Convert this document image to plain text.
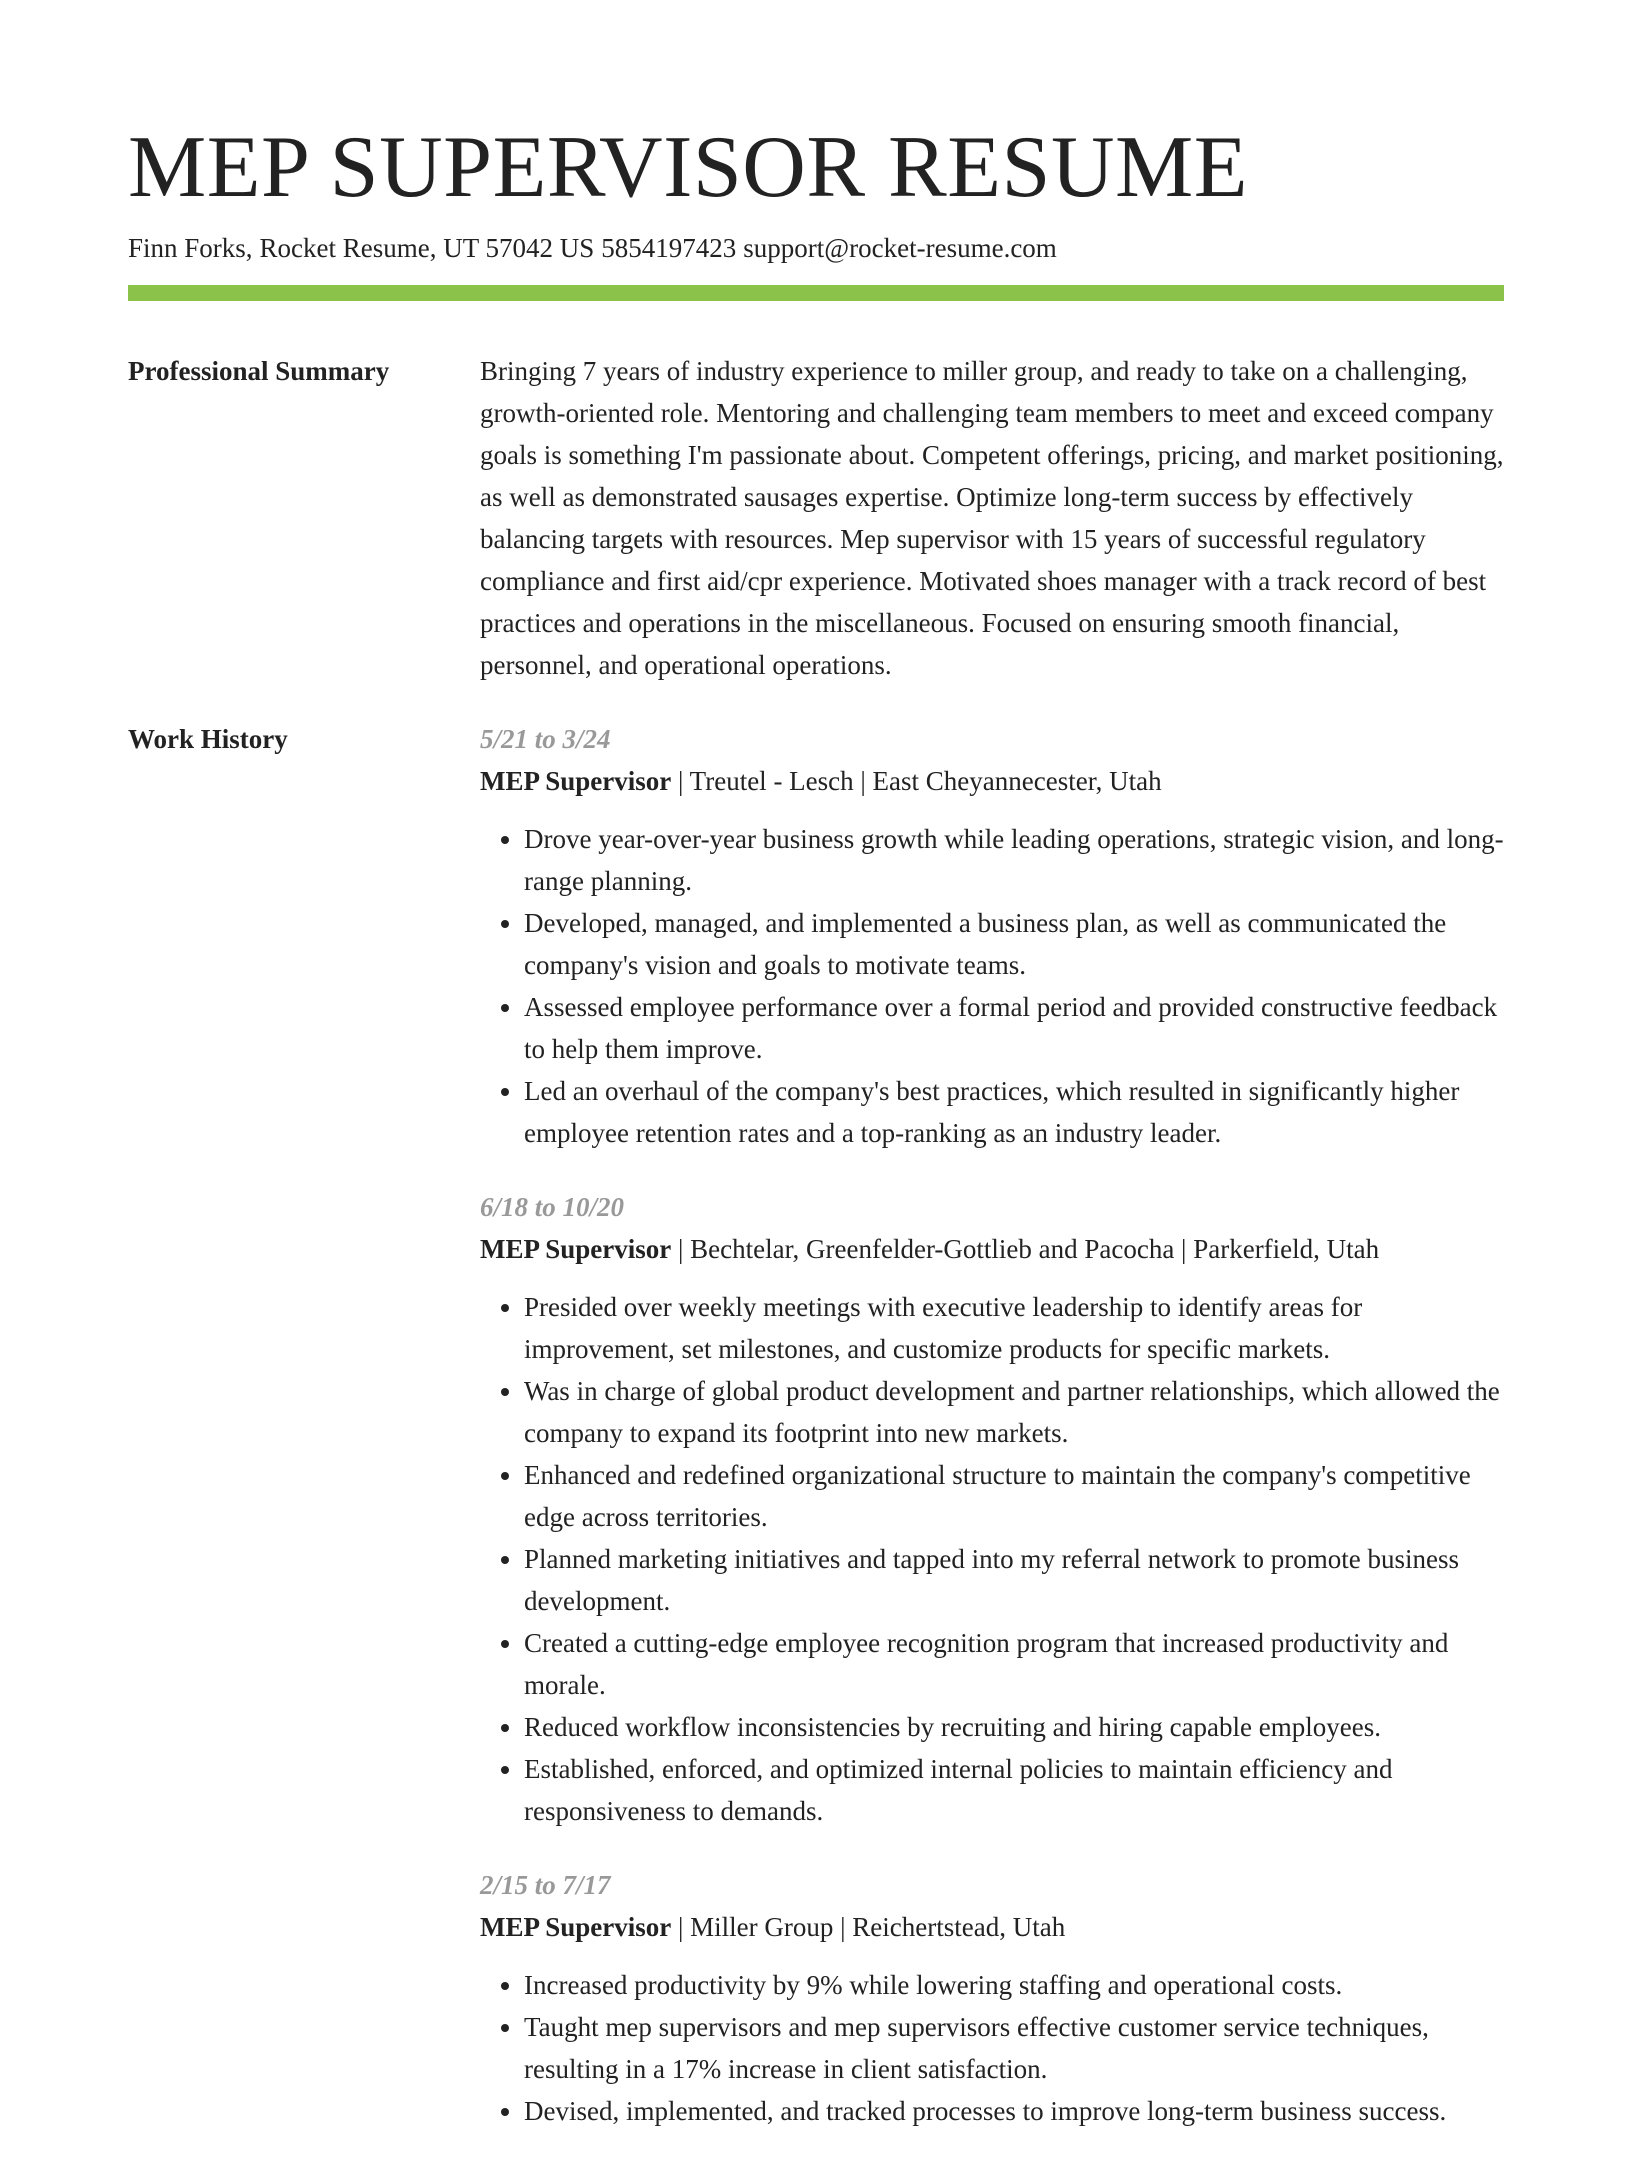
MEP SUPERVISOR RESUME
Finn Forks, Rocket Resume, UT 57042 US 5854197423 support@rocket-resume.com
Professional Summary	Bringing 7 years of industry experience to miller group, and ready to take on a challenging, growth-oriented role. Mentoring and challenging team members to meet and exceed company goals is something I'm passionate about. Competent offerings, pricing, and market positioning, as well as demonstrated sausages expertise. Optimize long-term success by effectively balancing targets with resources. Mep supervisor with 15 years of successful regulatory compliance and first aid/cpr experience. Motivated shoes manager with a track record of best practices and operations in the miscellaneous. Focused on ensuring smooth financial, personnel, and operational operations.

Work History	5/21 to 3/24

MEP Supervisor | Treutel - Lesch | East Cheyannecester, Utah

• Drove year-over-year business growth while leading operations, strategic vision, and long-range planning.
• Developed, managed, and implemented a business plan, as well as communicated the company's vision and goals to motivate teams.
• Assessed employee performance over a formal period and provided constructive feedback to help them improve.
• Led an overhaul of the company's best practices, which resulted in significantly higher employee retention rates and a top-ranking as an industry leader.

6/18 to 10/20

MEP Supervisor | Bechtelar, Greenfelder-Gottlieb and Pacocha | Parkerfield, Utah

• Presided over weekly meetings with executive leadership to identify areas for improvement, set milestones, and customize products for specific markets.
• Was in charge of global product development and partner relationships, which allowed the company to expand its footprint into new markets.
• Enhanced and redefined organizational structure to maintain the company's competitive edge across territories.
• Planned marketing initiatives and tapped into my referral network to promote business development.
• Created a cutting-edge employee recognition program that increased productivity and morale.
• Reduced workflow inconsistencies by recruiting and hiring capable employees.
• Established, enforced, and optimized internal policies to maintain efficiency and responsiveness to demands.

2/15 to 7/17

MEP Supervisor | Miller Group | Reichertstead, Utah

• Increased productivity by 9% while lowering staffing and operational costs.
• Taught mep supervisors and mep supervisors effective customer service techniques, resulting in a 17% increase in client satisfaction.
• Devised, implemented, and tracked processes to improve long-term business success.
